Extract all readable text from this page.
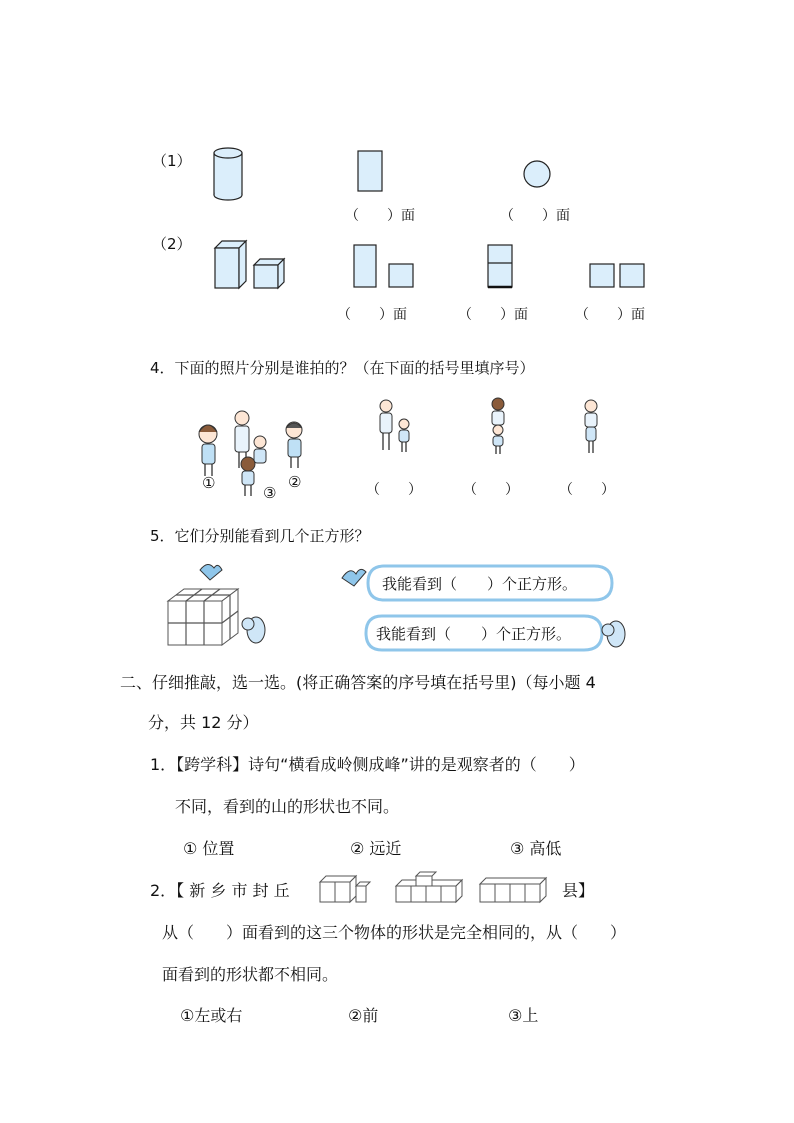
（1）
（　　）面	（　　）面
（2）
（　　）面	（　　）面	（　　）面
4．下面的照片分别是谁拍的？（在下面的括号里填序号）
①
③
②	（　　）	（　　）	（　　）
5．它们分别能看到几个正方形？
我能看到（　　）个正方形。
我能看到（　　）个正方形。
二、仔细推敲，选一选。(将正确答案的序号填在括号里)（每小题 4
分，共 12 分）
1．【跨学科】诗句“横看成岭侧成峰”讲的是观察者的（　　）
不同，看到的山的形状也不同。
① 位置	② 远近	③ 高低
2．【 新 乡 市 封 丘	县】
从（　　）面看到的这三个物体的形状是完全相同的，从（　　）
面看到的形状都不相同。
①左或右	②前	③上
